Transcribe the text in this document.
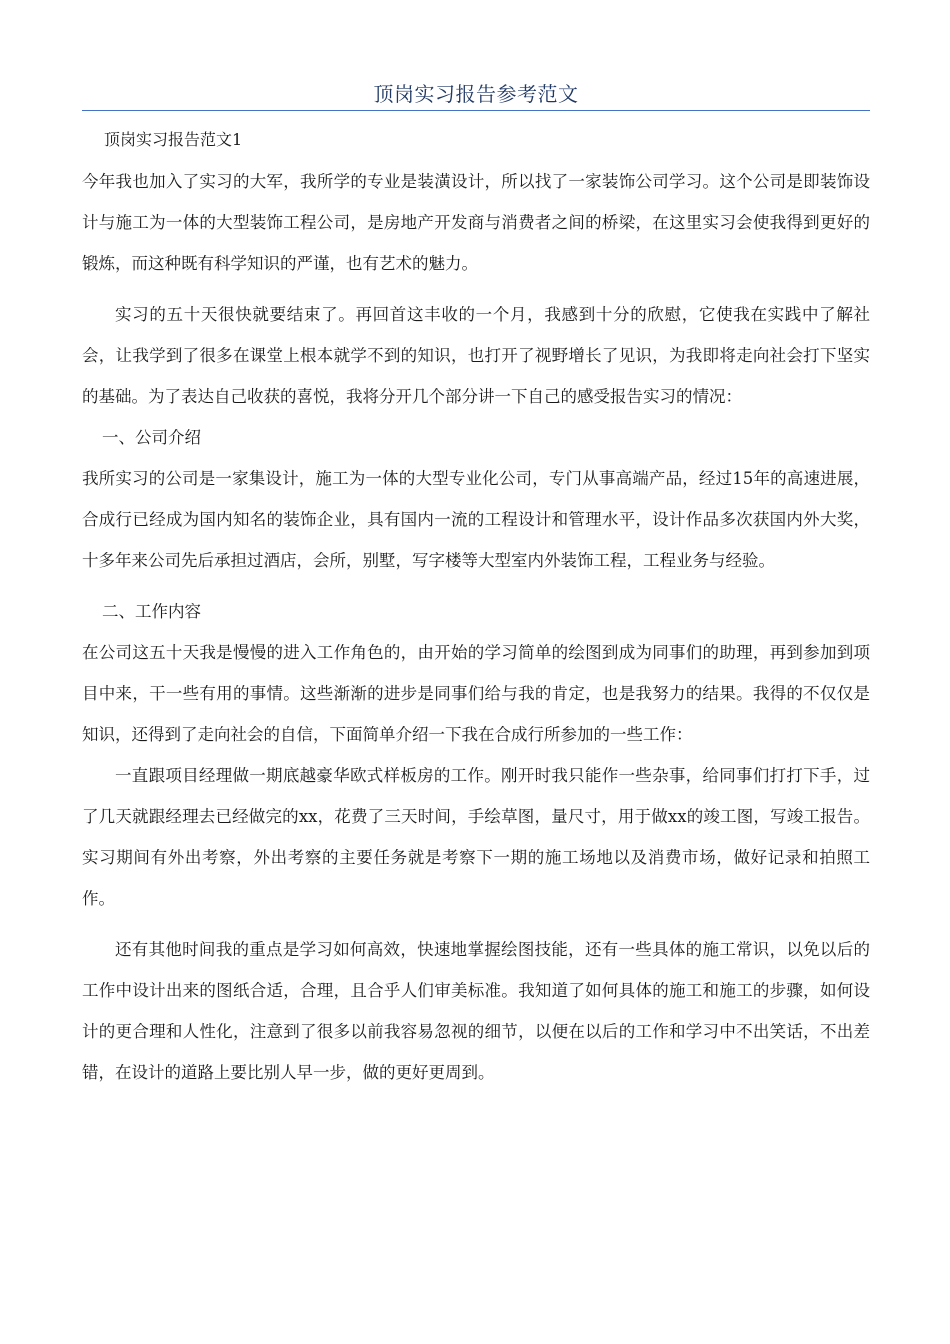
顶岗实习报告参考范文
顶岗实习报告范文1

今年我也加入了实习的大军，我所学的专业是装潢设计，所以找了一家装饰公司学习。这个公司是即装饰设计与施工为一体的大型装饰工程公司，是房地产开发商与消费者之间的桥梁，在这里实习会使我得到更好的锻炼，而这种既有科学知识的严谨，也有艺术的魅力。

实习的五十天很快就要结束了。再回首这丰收的一个月，我感到十分的欣慰，它使我在实践中了解社会，让我学到了很多在课堂上根本就学不到的知识，也打开了视野增长了见识，为我即将走向社会打下坚实的基础。为了表达自己收获的喜悦，我将分开几个部分讲一下自己的感受报告实习的情况：

一、公司介绍

我所实习的公司是一家集设计，施工为一体的大型专业化公司，专门从事高端产品，经过15年的高速进展，合成行已经成为国内知名的装饰企业，具有国内一流的工程设计和管理水平，设计作品多次获国内外大奖，十多年来公司先后承担过酒店，会所，别墅，写字楼等大型室内外装饰工程，工程业务与经验。

二、工作内容

在公司这五十天我是慢慢的进入工作角色的，由开始的学习简单的绘图到成为同事们的助理，再到参加到项目中来，干一些有用的事情。这些渐渐的进步是同事们给与我的肯定，也是我努力的结果。我得的不仅仅是知识，还得到了走向社会的自信，下面简单介绍一下我在合成行所参加的一些工作：

一直跟项目经理做一期底越豪华欧式样板房的工作。刚开时我只能作一些杂事，给同事们打打下手，过了几天就跟经理去已经做完的xx，花费了三天时间，手绘草图，量尺寸，用于做xx的竣工图，写竣工报告。实习期间有外出考察，外出考察的主要任务就是考察下一期的施工场地以及消费市场，做好记录和拍照工作。

还有其他时间我的重点是学习如何高效，快速地掌握绘图技能，还有一些具体的施工常识，以免以后的工作中设计出来的图纸合适，合理，且合乎人们审美标准。我知道了如何具体的施工和施工的步骤，如何设计的更合理和人性化，注意到了很多以前我容易忽视的细节，以便在以后的工作和学习中不出笑话，不出差错，在设计的道路上要比别人早一步，做的更好更周到。
